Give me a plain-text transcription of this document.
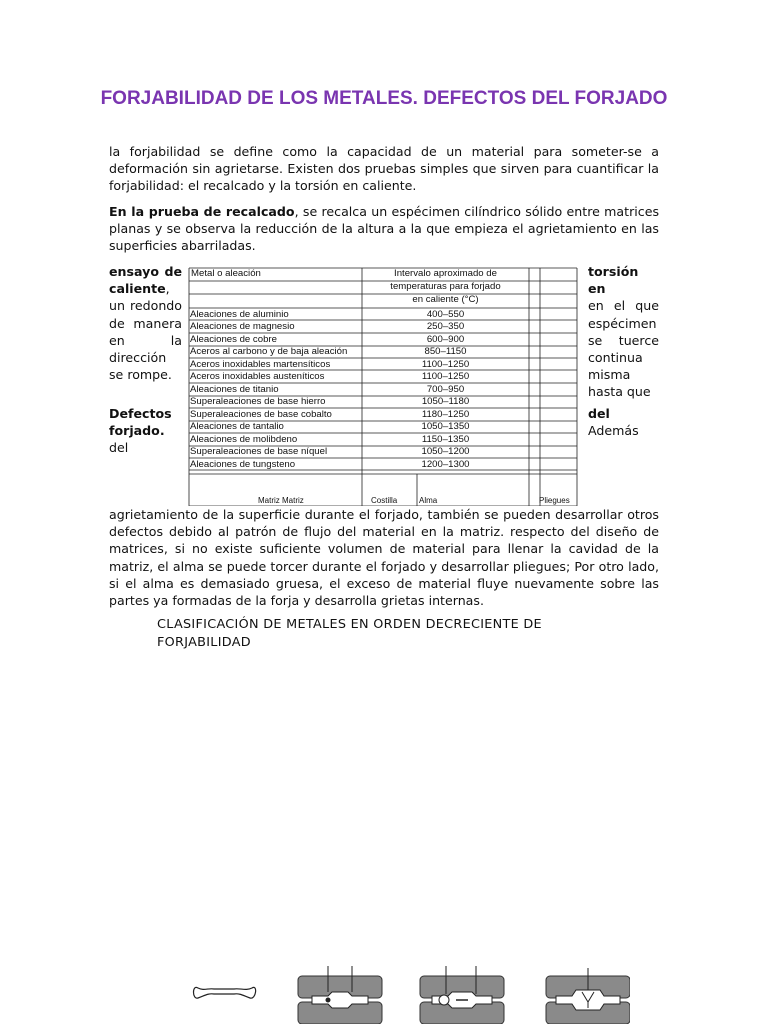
FORJABILIDAD DE LOS METALES. DEFECTOS DEL FORJADO

la forjabilidad se define como la capacidad de un material para someter-se a deformación sin agrietarse. Existen dos pruebas simples que sirven para cuantificar la forjabilidad: el recalcado y la torsión en caliente.

En la prueba de recalcado, se recalca un espécimen cilíndrico sólido entre matrices planas y se observa la reducción de la altura a la que empieza el agrietamiento en las superficies abarriladas.

ensayo de caliente, un redondo de manera en la dirección se rompe.

Defectos forjado.
del

torsión en
en el que espécimen se tuerce continua misma hasta que

del
Además

Metal o aleación	Intervalo aproximado de
temperaturas para forjado
en caliente (°C)
Aleaciones de aluminio	400–550
Aleaciones de magnesio	250–350
Aleaciones de cobre	600–900
Aceros al carbono y de baja aleación	850–1150
Aceros inoxidables martensíticos	1100–1250
Aceros inoxidables austeníticos	1100–1250
Aleaciones de titanio	700–950
Superaleaciones de base hierro	1050–1180
Superaleaciones de base cobalto	1180–1250
Aleaciones de tantalio	1050–1350
Aleaciones de molibdeno	1150–1350
Superaleaciones de base níquel	1050–1200
Aleaciones de tungsteno	1200–1300
Matriz Matriz	Costilla	Alma	Pliegues

agrietamiento de la superficie durante el forjado, también se pueden desarrollar otros defectos debido al patrón de flujo del material en la matriz. respecto del diseño de matrices, si no existe suficiente volumen de material para llenar la cavidad de la matriz, el alma se puede torcer durante el forjado y desarrollar pliegues; Por otro lado, si el alma es demasiado gruesa, el exceso de material fluye nuevamente sobre las partes ya formadas de la forja y desarrolla grietas internas.

CLASIFICACIÓN DE METALES EN ORDEN DECRECIENTE DE FORJABILIDAD
